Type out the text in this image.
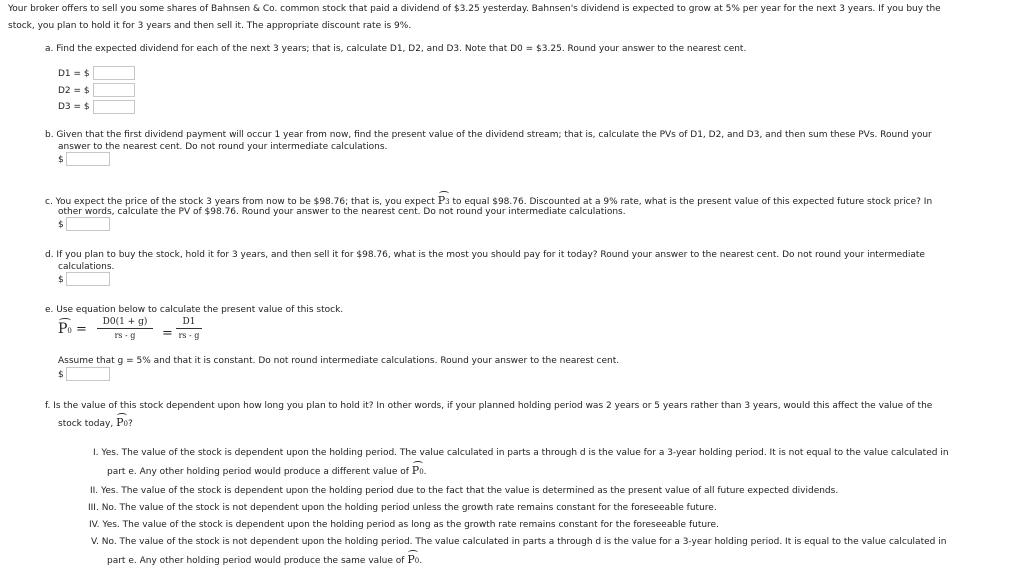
Your broker offers to sell you some shares of Bahnsen & Co. common stock that paid a dividend of $3.25 yesterday. Bahnsen's dividend is expected to grow at 5% per year for the next 3 years. If you buy the
stock, you plan to hold it for 3 years and then sell it. The appropriate discount rate is 9%.
a. Find the expected dividend for each of the next 3 years; that is, calculate D1, D2, and D3. Note that D0 = $3.25. Round your answer to the nearest cent.
D1 = $
D2 = $
D3 = $
b. Given that the first dividend payment will occur 1 year from now, find the present value of the dividend stream; that is, calculate the PVs of D1, D2, and D3, and then sum these PVs. Round your
answer to the nearest cent. Do not round your intermediate calculations.
$
c. You expect the price of the stock 3 years from now to be $98.76; that is, you expect P3 to equal $98.76. Discounted at a 9% rate, what is the present value of this expected future stock price? In
other words, calculate the PV of $98.76. Round your answer to the nearest cent. Do not round your intermediate calculations.
$
d. If you plan to buy the stock, hold it for 3 years, and then sell it for $98.76, what is the most you should pay for it today? Round your answer to the nearest cent. Do not round your intermediate
calculations.
$
e. Use equation below to calculate the present value of this stock.
$P0 = \frac{D0(1 + g)}{rs - g} = \frac{D1}{rs - g}$
Assume that g = 5% and that it is constant. Do not round intermediate calculations. Round your answer to the nearest cent.
$
f. Is the value of this stock dependent upon how long you plan to hold it? In other words, if your planned holding period was 2 years or 5 years rather than 3 years, would this affect the value of the
stock today, P0?
I. Yes. The value of the stock is dependent upon the holding period. The value calculated in parts a through d is the value for a 3-year holding period. It is not equal to the value calculated in
part e. Any other holding period would produce a different value of P0.
II. Yes. The value of the stock is dependent upon the holding period due to the fact that the value is determined as the present value of all future expected dividends.
III. No. The value of the stock is not dependent upon the holding period unless the growth rate remains constant for the foreseeable future.
IV. Yes. The value of the stock is dependent upon the holding period as long as the growth rate remains constant for the foreseeable future.
V. No. The value of the stock is not dependent upon the holding period. The value calculated in parts a through d is the value for a 3-year holding period. It is equal to the value calculated in
part e. Any other holding period would produce the same value of P0.
